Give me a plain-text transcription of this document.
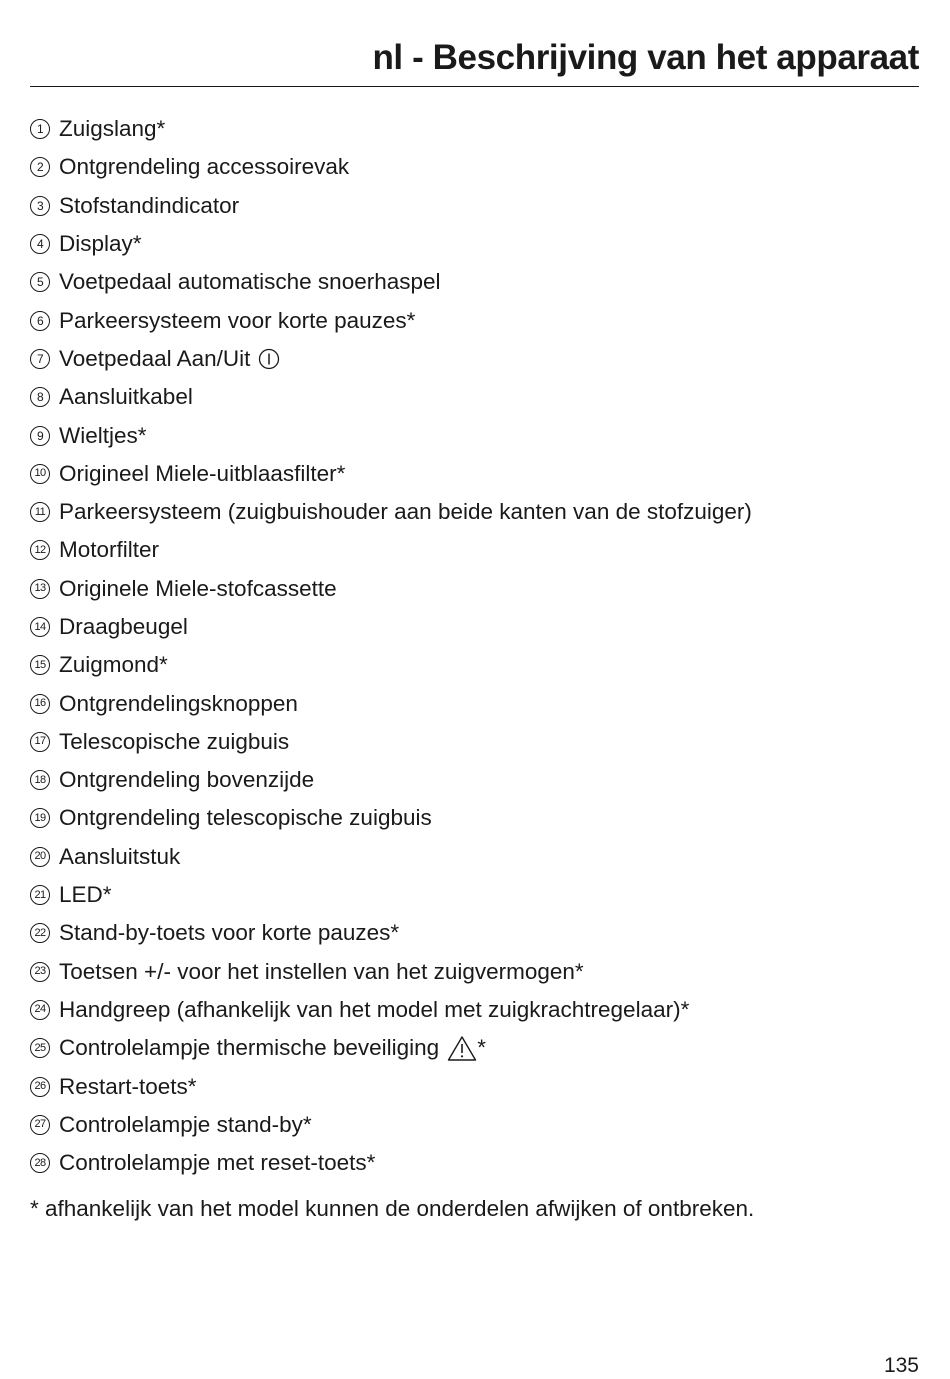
nl - Beschrijving van het apparaat
1 Zuigslang*
2 Ontgrendeling accessoirevak
3 Stofstandindicator
4 Display*
5 Voetpedaal automatische snoerhaspel
6 Parkeersysteem voor korte pauzes*
7 Voetpedaal Aan/Uit
8 Aansluitkabel
9 Wieltjes*
10 Origineel Miele-uitblaasfilter*
11 Parkeersysteem (zuigbuishouder aan beide kanten van de stofzuiger)
12 Motorfilter
13 Originele Miele-stofcassette
14 Draagbeugel
15 Zuigmond*
16 Ontgrendelingsknoppen
17 Telescopische zuigbuis
18 Ontgrendeling bovenzijde
19 Ontgrendeling telescopische zuigbuis
20 Aansluitstuk
21 LED*
22 Stand-by-toets voor korte pauzes*
23 Toetsen +/- voor het instellen van het zuigvermogen*
24 Handgreep (afhankelijk van het model met zuigkrachtregelaar)*
25 Controlelampje thermische beveiliging *
26 Restart-toets*
27 Controlelampje stand-by*
28 Controlelampje met reset-toets*

* afhankelijk van het model kunnen de onderdelen afwijken of ontbreken.

135
